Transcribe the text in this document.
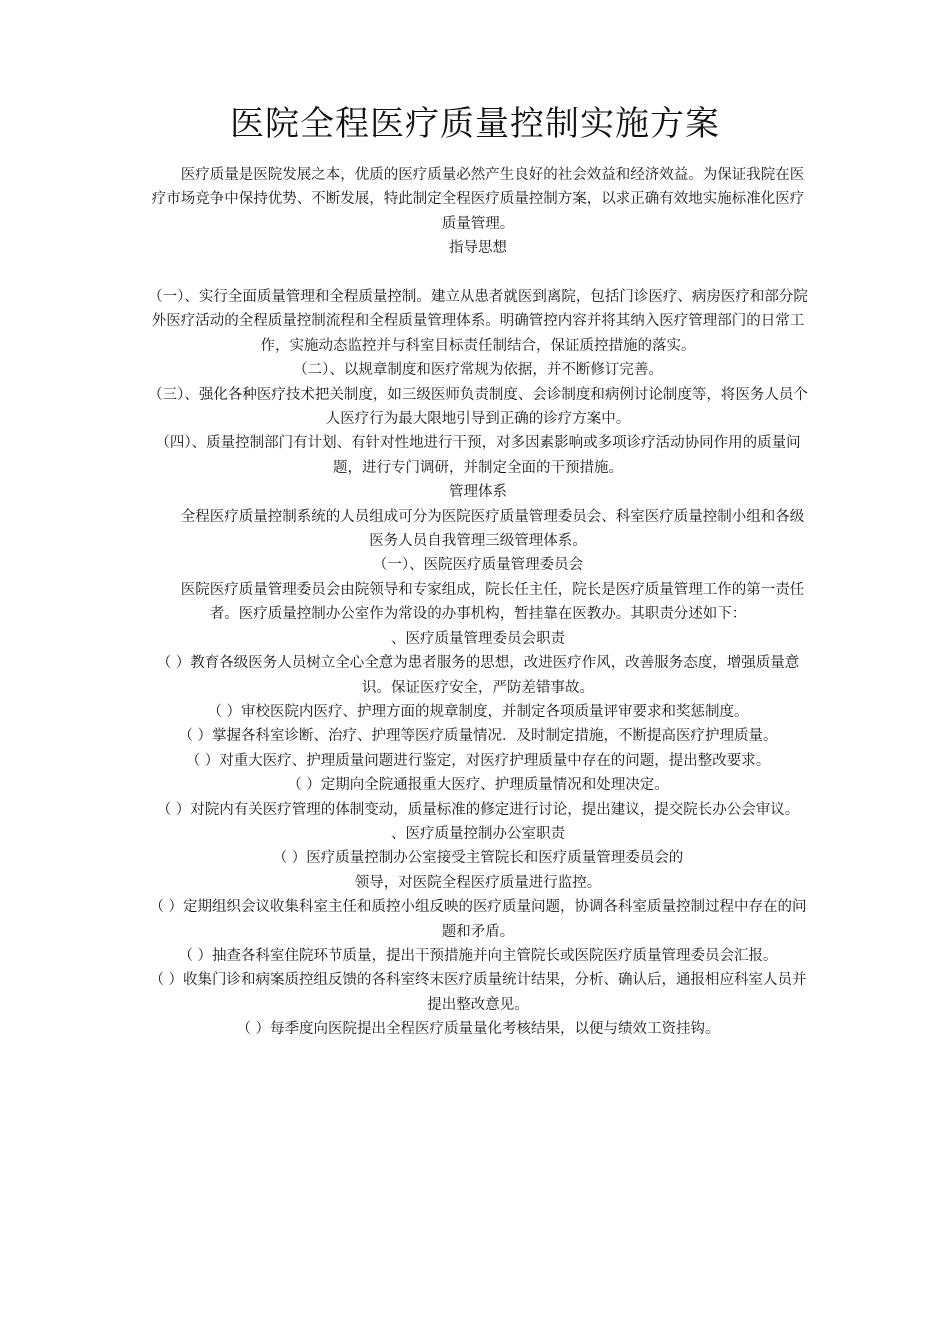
医院全程医疗质量控制实施方案

医疗质量是医院发展之本，优质的医疗质量必然产生良好的社会效益和经济效益。为保证我院在医疗市场竞争中保持优势、不断发展，特此制定全程医疗质量控制方案，以求正确有效地实施标准化医疗质量管理。

指导思想

（一）、实行全面质量管理和全程质量控制。建立从患者就医到离院，包括门诊医疗、病房医疗和部分院外医疗活动的全程质量控制流程和全程质量管理体系。明确管控内容并将其纳入医疗管理部门的日常工作，实施动态监控并与科室目标责任制结合，保证质控措施的落实。

（二）、以规章制度和医疗常规为依据，并不断修订完善。

（三）、强化各种医疗技术把关制度，如三级医师负责制度、会诊制度和病例讨论制度等，将医务人员个人医疗行为最大限地引导到正确的诊疗方案中。

（四）、质量控制部门有计划、有针对性地进行干预，对多因素影响或多项诊疗活动协同作用的质量问题，进行专门调研，并制定全面的干预措施。

管理体系

全程医疗质量控制系统的人员组成可分为医院医疗质量管理委员会、科室医疗质量控制小组和各级医务人员自我管理三级管理体系。

（一）、医院医疗质量管理委员会

医院医疗质量管理委员会由院领导和专家组成，院长任主任，院长是医疗质量管理工作的第一责任者。医疗质量控制办公室作为常设的办事机构，暂挂靠在医教办。其职责分述如下：

、医疗质量管理委员会职责

（ ）教育各级医务人员树立全心全意为患者服务的思想，改进医疗作风，改善服务态度，增强质量意识。保证医疗安全，严防差错事故。

（ ）审校医院内医疗、护理方面的规章制度，并制定各项质量评审要求和奖惩制度。

（ ）掌握各科室诊断、治疗、护理等医疗质量情况．及时制定措施，不断提高医疗护理质量。

（ ）对重大医疗、护理质量问题进行鉴定，对医疗护理质量中存在的问题，提出整改要求。

（ ）定期向全院通报重大医疗、护理质量情况和处理决定。

（ ）对院内有关医疗管理的体制变动，质量标准的修定进行讨论，提出建议，提交院长办公会审议。

、医疗质量控制办公室职责

（ ）医疗质量控制办公室接受主管院长和医疗质量管理委员会的

领导，对医院全程医疗质量进行监控。

（ ）定期组织会议收集科室主任和质控小组反映的医疗质量问题，协调各科室质量控制过程中存在的问题和矛盾。

（ ）抽查各科室住院环节质量，提出干预措施并向主管院长或医院医疗质量管理委员会汇报。

（ ）收集门诊和病案质控组反馈的各科室终末医疗质量统计结果，分析、确认后，通报相应科室人员并提出整改意见。

（ ）每季度向医院提出全程医疗质量量化考核结果，以便与绩效工资挂钩。
